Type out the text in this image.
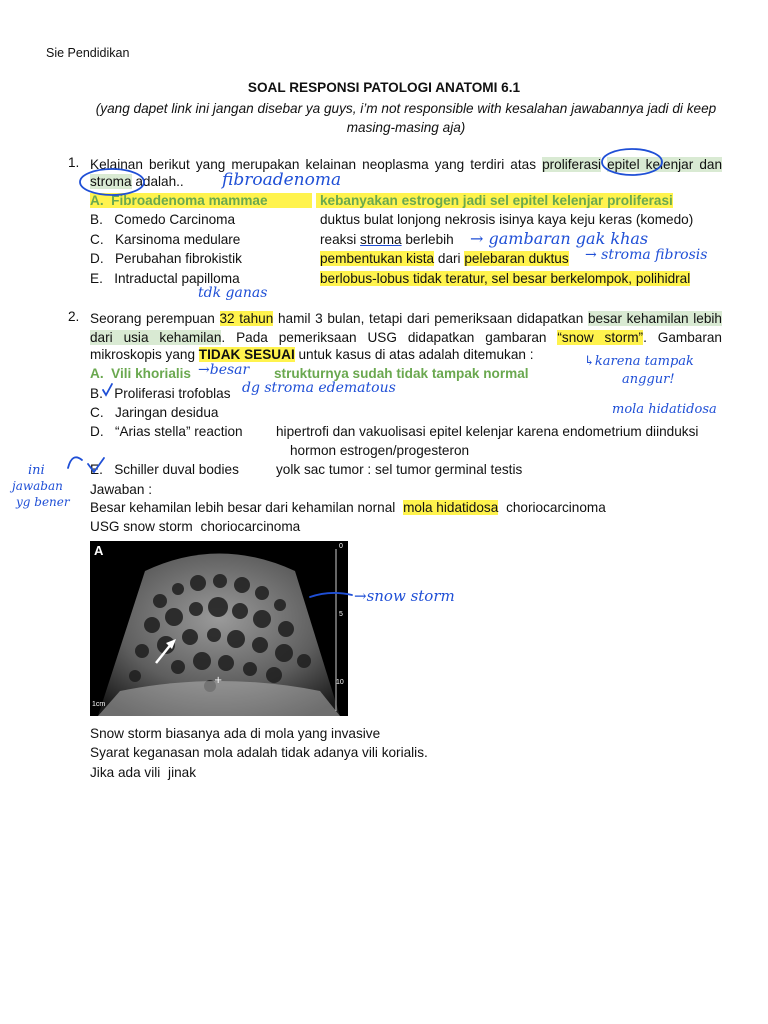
Sie Pendidikan
SOAL RESPONSI PATOLOGI ANATOMI 6.1
(yang dapet link ini jangan disebar ya guys, i’m not responsible with kesalahan jawabannya jadi di keep masing-masing aja)
1. Kelainan berikut yang merupakan kelainan neoplasma yang terdiri atas proliferasi epitel kelenjar dan
stroma adalah..
A. Fibroadenoma mammae	kebanyakan estrogen jadi sel epitel kelenjar proliferasi
B. Comedo Carcinoma	duktus bulat lonjong nekrosis isinya kaya keju keras (komedo)
C. Karsinoma medulare	reaksi stroma berlebih
D. Perubahan fibrokistik	pembentukan kista dari pelebaran duktus
E. Intraductal papilloma	berlobus-lobus tidak teratur, sel besar berkelompok, polihidral
2. Seorang perempuan 32 tahun hamil 3 bulan, tetapi dari pemeriksaan didapatkan besar kehamilan lebih
dari usia kehamilan. Pada pemeriksaan USG didapatkan gambaran “snow storm”. Gambaran
mikroskopis yang TIDAK SESUAI untuk kasus di atas adalah ditemukan :
A. Vili khorialis	strukturnya sudah tidak tampak normal
B. Proliferasi trofoblas
C. Jaringan desidua
D. “Arias stella” reaction hipertrofi dan vakuolisasi epitel kelenjar karena endometrium diinduksi
hormon estrogen/progesteron
E. Schiller duval bodies	yolk sac tumor : sel tumor germinal testis
Jawaban :
Besar kehamilan lebih besar dari kehamilan nornal mola hidatidosa choriocarcinoma
USG snow storm choriocarcinoma
+
A
1cm
0
5
10
Snow storm biasanya ada di mola yang invasive
Syarat keganasan mola adalah tidak adanya vili korialis.
Jika ada vili jinak
fibroadenoma
tdk ganas
→ gambaran gak khas
→ stroma fibrosis
→besar
dg stroma edematous
↳karena tampak
anggur!
mola hidatidosa
ini
jawaban
yg bener
→snow storm
